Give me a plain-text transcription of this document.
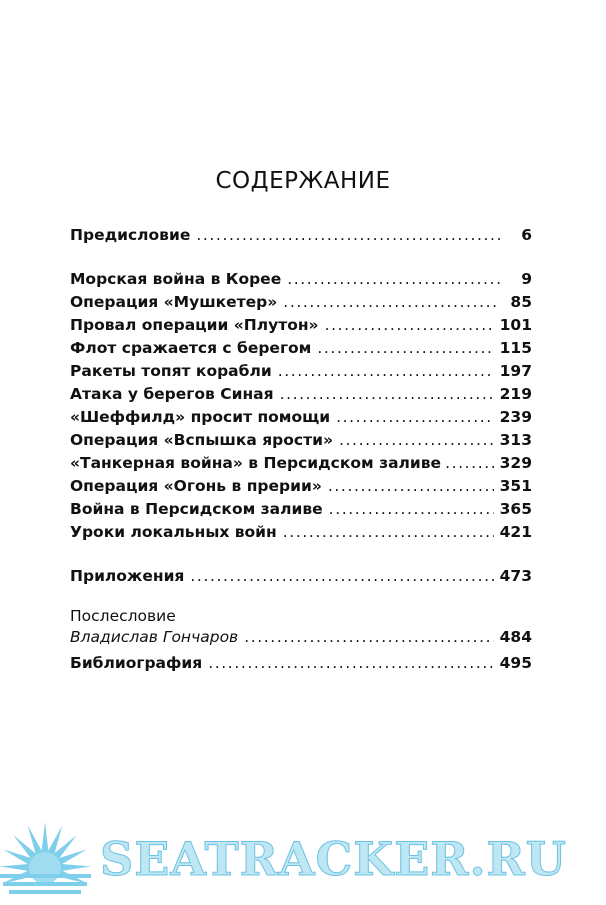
СОДЕРЖАНИЕ
Предисловие .....	6
Морская война в Корее .....	9
Операция «Мушкетер» .....	85
Провал операции «Плутон» .....	101
Флот сражается с берегом .....	115
Ракеты топят корабли .....	197
Атака у берегов Синая .....	219
«Шеффилд» просит помощи .....	239
Операция «Вспышка ярости» .....	313
«Танкерная война» в Персидском заливе .....	329
Операция «Огонь в прерии» .....	351
Война в Персидском заливе .....	365
Уроки локальных войн .....	421
Приложения .....	473
Послесловие
Владислав Гончаров .....	484
Библиография .....	495
SEATRACKER.RU
